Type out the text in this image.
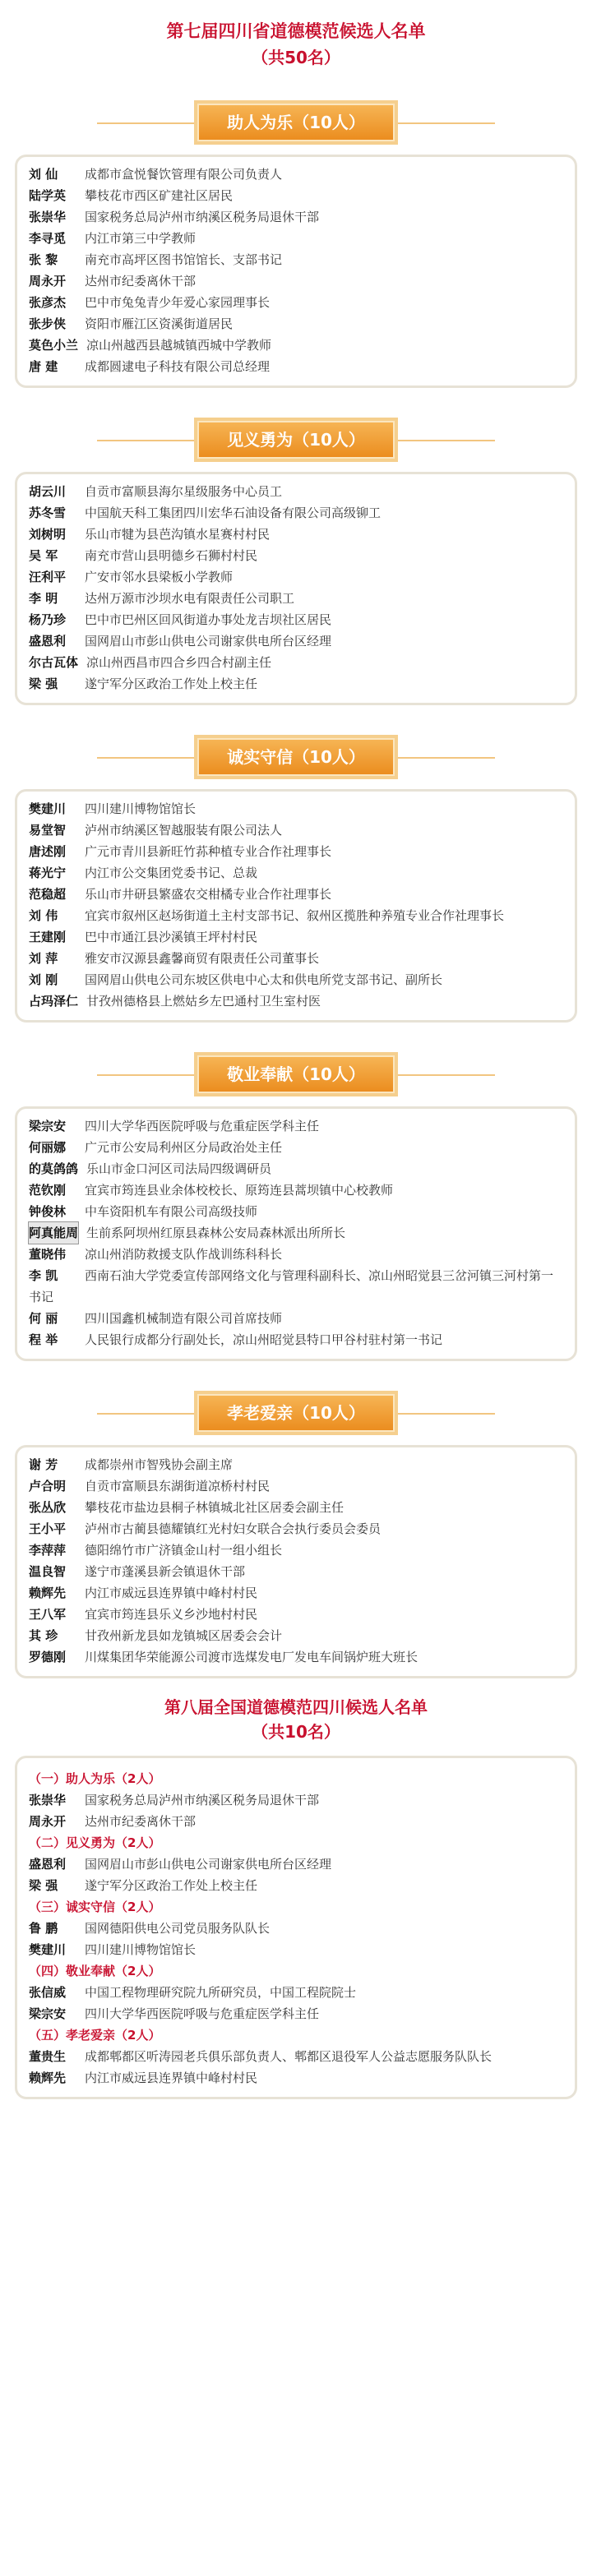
第七届四川省道德模范候选人名单
（共50名）
助人为乐（10人）
刘 仙 成都市盒悦餐饮管理有限公司负责人
陆学英 攀枝花市西区矿建社区居民
张崇华 国家税务总局泸州市纳溪区税务局退休干部
李寻觅 内江市第三中学教师
张 黎 南充市高坪区图书馆馆长、支部书记
周永开 达州市纪委离休干部
张彦杰 巴中市兔兔青少年爱心家园理事长
张步侠 资阳市雁江区资溪街道居民
莫色小兰 凉山州越西县越城镇西城中学教师
唐 建 成都圆逮电子科技有限公司总经理
见义勇为（10人）
胡云川 自贡市富顺县海尔星级服务中心员工
苏冬雪 中国航天科工集团四川宏华石油设备有限公司高级铆工
刘树明 乐山市犍为县芭沟镇水星赛村村民
吴 军 南充市营山县明德乡石狮村村民
汪利平 广安市邻水县梁板小学教师
李 明 达州万源市沙坝水电有限责任公司职工
杨乃珍 巴中市巴州区回风街道办事处龙吉坝社区居民
盛恩利 国网眉山市彭山供电公司谢家供电所台区经理
尔古瓦体 凉山州西昌市四合乡四合村副主任
梁 强 遂宁军分区政治工作处上校主任
诚实守信（10人）
樊建川 四川建川博物馆馆长
易堂智 泸州市纳溪区智越服装有限公司法人
唐述刚 广元市青川县新旺竹荪种植专业合作社理事长
蒋光宁 内江市公交集团党委书记、总裁
范稳超 乐山市井研县繁盛农交柑橘专业合作社理事长
刘 伟 宜宾市叙州区赵场街道土主村支部书记、叙州区揽胜种养殖专业合作社理事长
王建刚 巴中市通江县沙溪镇王坪村村民
刘 萍 雅安市汉源县鑫馨商贸有限责任公司董事长
刘 刚 国网眉山供电公司东坡区供电中心太和供电所党支部书记、副所长
占玛泽仁 甘孜州德格县上燃姑乡左巴通村卫生室村医
敬业奉献（10人）
梁宗安 四川大学华西医院呼吸与危重症医学科主任
何丽娜 广元市公安局利州区分局政治处主任
的莫鸽鸽 乐山市金口河区司法局四级调研员
范钦刚 宜宾市筠连县业余体校校长、原筠连县蒿坝镇中心校教师
钟俊林 中车资阳机车有限公司高级技师
阿真能周 生前系阿坝州红原县森林公安局森林派出所所长
董晓伟 凉山州消防救援支队作战训练科科长
李 凯 西南石油大学党委宣传部网络文化与管理科副科长、凉山州昭觉县三岔河镇三河村第一书记
何 丽 四川国鑫机械制造有限公司首席技师
程 举 人民银行成都分行副处长，凉山州昭觉县特口甲谷村驻村第一书记
孝老爱亲（10人）
谢 芳 成都崇州市智残协会副主席
卢合明 自贡市富顺县东湖街道凉桥村村民
张丛欣 攀枝花市盐边县桐子林镇城北社区居委会副主任
王小平 泸州市古蔺县德耀镇红光村妇女联合会执行委员会委员
李萍萍 德阳绵竹市广济镇金山村一组小组长
温良智 遂宁市蓬溪县新会镇退休干部
赖辉先 内江市威远县连界镇中峰村村民
王八军 宜宾市筠连县乐义乡沙地村村民
其 珍 甘孜州新龙县如龙镇城区居委会会计
罗德刚 川煤集团华荣能源公司渡市选煤发电厂发电车间锅炉班大班长
第八届全国道德模范四川候选人名单
（共10名）
（一）助人为乐（2人）
张崇华 国家税务总局泸州市纳溪区税务局退休干部
周永开 达州市纪委离休干部
（二）见义勇为（2人）
盛恩利 国网眉山市彭山供电公司谢家供电所台区经理
梁 强 遂宁军分区政治工作处上校主任
（三）诚实守信（2人）
鲁 鹏 国网德阳供电公司党员服务队队长
樊建川 四川建川博物馆馆长
（四）敬业奉献（2人）
张信威 中国工程物理研究院九所研究员，中国工程院院士
梁宗安 四川大学华西医院呼吸与危重症医学科主任
（五）孝老爱亲（2人）
董贵生 成都郫都区听涛园老兵俱乐部负责人、郫都区退役军人公益志愿服务队队长
赖辉先 内江市威远县连界镇中峰村村民
